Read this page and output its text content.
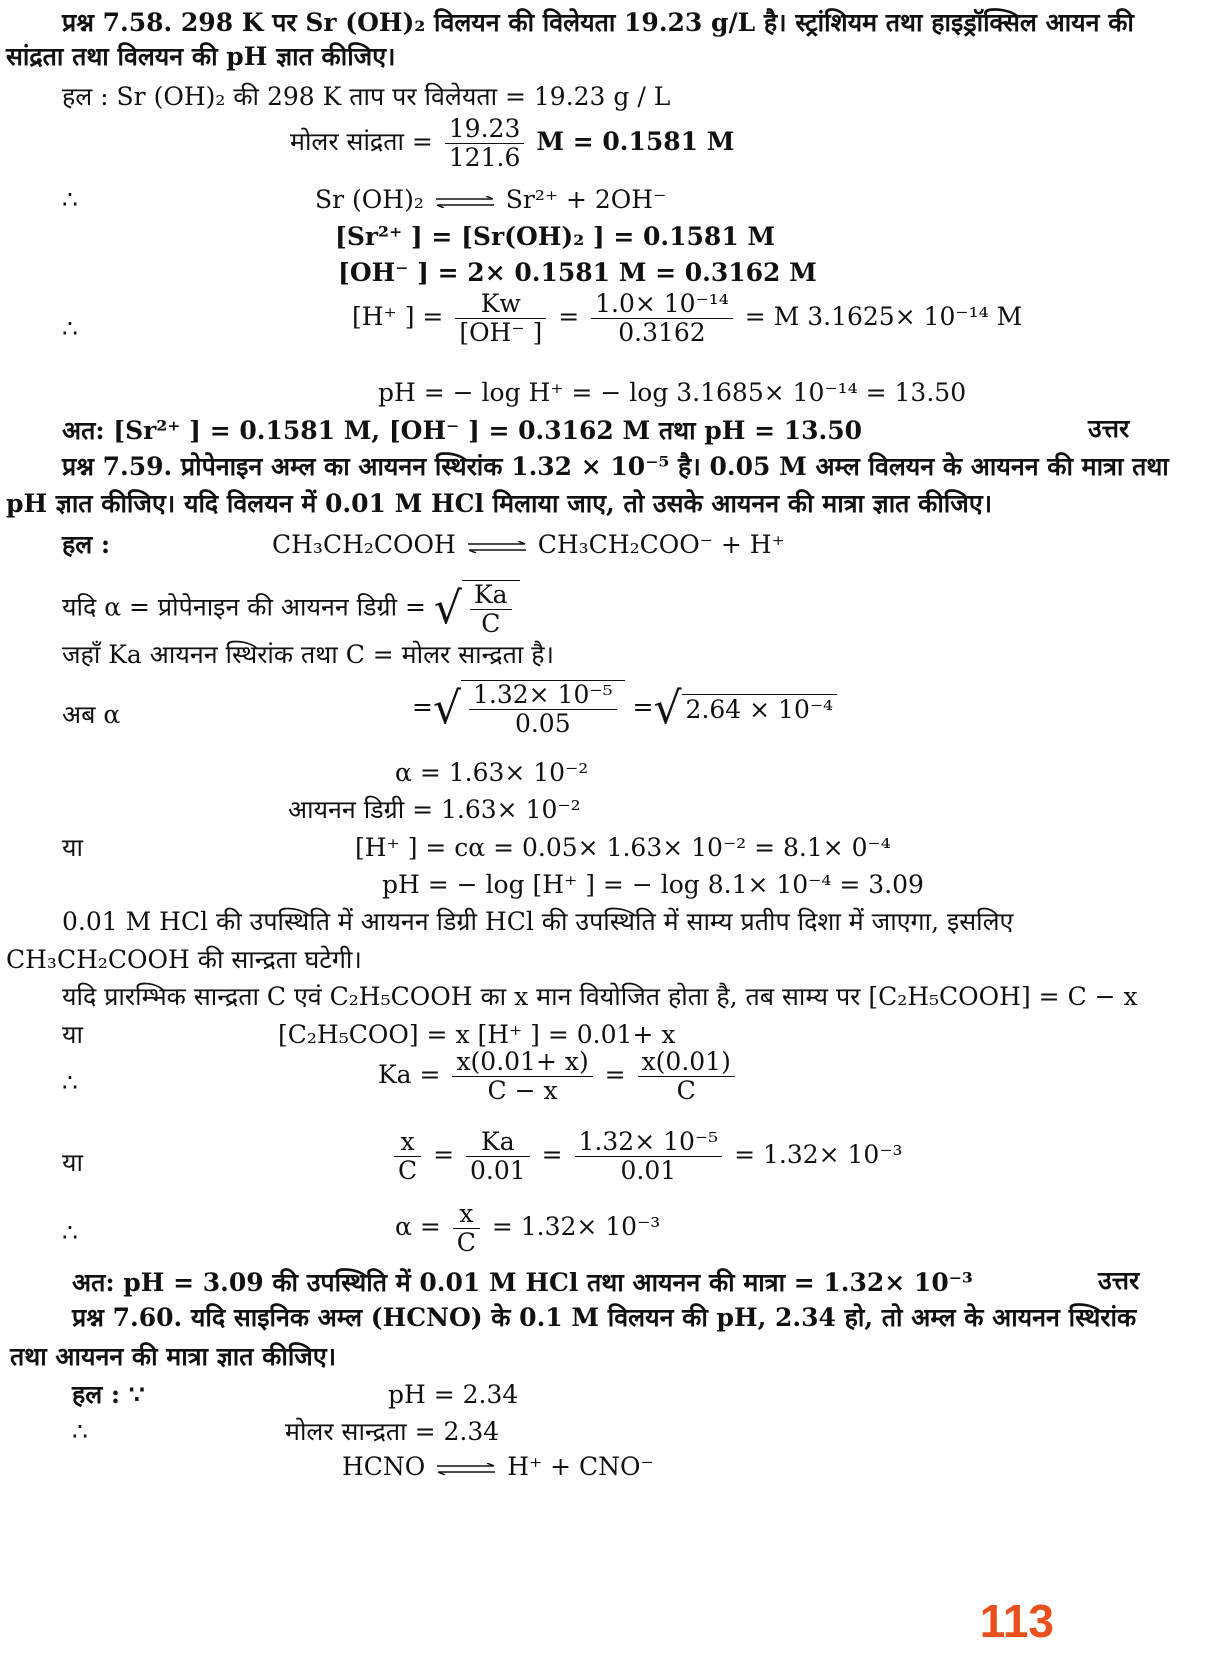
प्रश्न 7.58. 298 K पर Sr (OH)₂ विलयन की विलेयता 19.23 g/L है। स्ट्रांशियम तथा हाइड्रॉक्सिल आयन की
सांद्रता तथा विलयन की pH ज्ञात कीजिए।
हल : Sr (OH)₂ की 298 K ताप पर विलेयता = 19.23 g / L
मोलर सांद्रता = $\frac{19.23}{121.6}$ M = 0.1581 M
∴	Sr (OH)₂ ⇌ Sr²⁺ + 2OH⁻
[Sr²⁺ ] = [Sr(OH)₂ ] = 0.1581 M
[OH⁻ ] = 2× 0.1581 M = 0.3162 M
∴	[H⁺ ] = $\frac{Kw}{[OH^- ]} = \frac{\text{1.0× 10⁻¹⁴}}{0.3162} = M$ 3.1625× 10⁻¹⁴ M
pH = − log H⁺ = − log 3.1685× 10⁻¹⁴ = 13.50
अत: [Sr²⁺ ] = 0.1581 M, [OH⁻ ] = 0.3162 M तथा pH = 13.50	उत्तर
प्रश्न 7.59. प्रोपेनाइन अम्ल का आयनन स्थिरांक 1.32 × 10⁻⁵ है। 0.05 M अम्ल विलयन के आयनन की मात्रा तथा
pH ज्ञात कीजिए। यदि विलयन में 0.01 M HCl मिलाया जाए, तो उसके आयनन की मात्रा ज्ञात कीजिए।
हल :	CH₃CH₂COOH ⇌ CH₃CH₂COO⁻ + H⁺
यदि α = प्रोपेनाइन की आयनन डिग्री = √ $\frac{Ka}{C}$
जहाँ Ka आयनन स्थिरांक तथा C = मोलर सान्द्रता है।
अब α	=√ $\frac{\text{1.32× 10⁻⁵}}{0.05}$ =√ 2.64 × 10⁻⁴
α = 1.63× 10⁻²
आयनन डिग्री = 1.63× 10⁻²
या	[H⁺ ] = cα = 0.05× 1.63× 10⁻² = 8.1× 0⁻⁴
pH = − log [H⁺ ] = − log 8.1× 10⁻⁴ = 3.09
0.01 M HCl की उपस्थिति में आयनन डिग्री HCl की उपस्थिति में साम्य प्रतीप दिशा में जाएगा, इसलिए
CH₃CH₂COOH की सान्द्रता घटेगी।
यदि प्रारम्भिक सान्द्रता C एवं C₂H₅COOH का x मान वियोजित होता है, तब साम्य पर [C₂H₅COOH] = C − x
या	[C₂H₅COO] = x [H⁺ ] = 0.01+ x
∴	$Ka = \frac{x(0.01+ x)}{C - x} = \frac{x(0.01)}{C}$
या	$\frac{x}{C} = \frac{Ka}{0.01} = \frac{\text{1.32× 10⁻⁵}}{0.01} = 1.32\times 10^{-3}$
∴	$\alpha = \frac{x}{C} = 1.32\times 10^{-3}$
अत: pH = 3.09 की उपस्थिति में 0.01 M HCl तथा आयनन की मात्रा = 1.32× 10⁻³	उत्तर
प्रश्न 7.60. यदि साइनिक अम्ल (HCNO) के 0.1 M विलयन की pH, 2.34 हो, तो अम्ल के आयनन स्थिरांक
तथा आयनन की मात्रा ज्ञात कीजिए।
हल : ∵	pH = 2.34
∴	मोलर सान्द्रता = 2.34
HCNO ⇌ H⁺ + CNO⁻
113
